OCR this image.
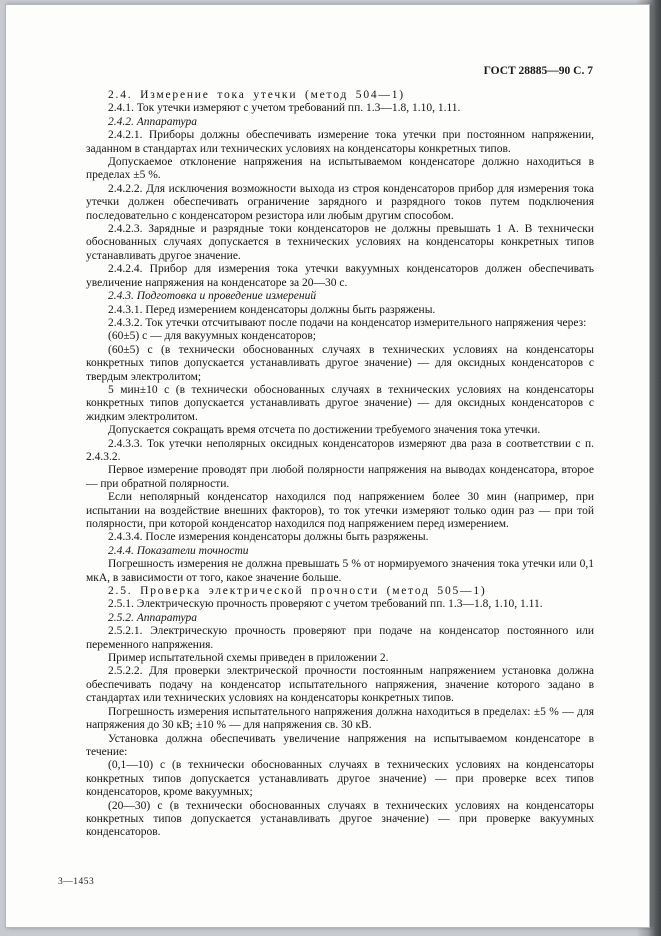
ГОСТ 28885—90 С. 7

2.4. Измерение тока утечки (метод 504—1)

2.4.1. Ток утечки измеряют с учетом требований пп. 1.3—1.8, 1.10, 1.11.

2.4.2. Аппаратура

2.4.2.1. Приборы должны обеспечивать измерение тока утечки при постоянном напряжении, заданном в стандартах или технических условиях на конденсаторы конкретных типов.

Допускаемое отклонение напряжения на испытываемом конденсаторе должно находиться в пределах ±5 %.

2.4.2.2. Для исключения возможности выхода из строя конденсаторов прибор для измерения тока утечки должен обеспечивать ограничение зарядного и разрядного токов путем подключения последовательно с конденсатором резистора или любым другим способом.

2.4.2.3. Зарядные и разрядные токи конденсаторов не должны превышать 1 А. В технически обоснованных случаях допускается в технических условиях на конденсаторы конкретных типов устанавливать другое значение.

2.4.2.4. Прибор для измерения тока утечки вакуумных конденсаторов должен обеспечивать увеличение напряжения на конденсаторе за 20—30 с.

2.4.3. Подготовка и проведение измерений

2.4.3.1. Перед измерением конденсаторы должны быть разряжены.

2.4.3.2. Ток утечки отсчитывают после подачи на конденсатор измерительного напряжения через:

(60±5) с — для вакуумных конденсаторов;

(60±5) с (в технически обоснованных случаях в технических условиях на конденсаторы конкретных типов допускается устанавливать другое значение) — для оксидных конденсаторов с твердым электролитом;

5 мин±10 с (в технически обоснованных случаях в технических условиях на конденсаторы конкретных типов допускается устанавливать другое значение) — для оксидных конденсаторов с жидким электролитом.

Допускается сокращать время отсчета по достижении требуемого значения тока утечки.

2.4.3.3. Ток утечки неполярных оксидных конденсаторов измеряют два раза в соответствии с п. 2.4.3.2.

Первое измерение проводят при любой полярности напряжения на выводах конденсатора, второе — при обратной полярности.

Если неполярный конденсатор находился под напряжением более 30 мин (например, при испытании на воздействие внешних факторов), то ток утечки измеряют только один раз — при той полярности, при которой конденсатор находился под напряжением перед измерением.

2.4.3.4. После измерения конденсаторы должны быть разряжены.

2.4.4. Показатели точности

Погрешность измерения не должна превышать 5 % от нормируемого значения тока утечки или 0,1 мкА, в зависимости от того, какое значение больше.

2.5. Проверка электрической прочности (метод 505—1)

2.5.1. Электрическую прочность проверяют с учетом требований пп. 1.3—1.8, 1.10, 1.11.

2.5.2. Аппаратура

2.5.2.1. Электрическую прочность проверяют при подаче на конденсатор постоянного или переменного напряжения.

Пример испытательной схемы приведен в приложении 2.

2.5.2.2. Для проверки электрической прочности постоянным напряжением установка должна обеспечивать подачу на конденсатор испытательного напряжения, значение которого задано в стандартах или технических условиях на конденсаторы конкретных типов.

Погрешность измерения испытательного напряжения должна находиться в пределах: ±5 % — для напряжения до 30 кВ; ±10 % — для напряжения св. 30 кВ.

Установка должна обеспечивать увеличение напряжения на испытываемом конденсаторе в течение:

(0,1—10) с (в технически обоснованных случаях в технических условиях на конденсаторы конкретных типов допускается устанавливать другое значение) — при проверке всех типов конденсаторов, кроме вакуумных;

(20—30) с (в технически обоснованных случаях в технических условиях на конденсаторы конкретных типов допускается устанавливать другое значение) — при проверке вакуумных конденсаторов.

3—1453
